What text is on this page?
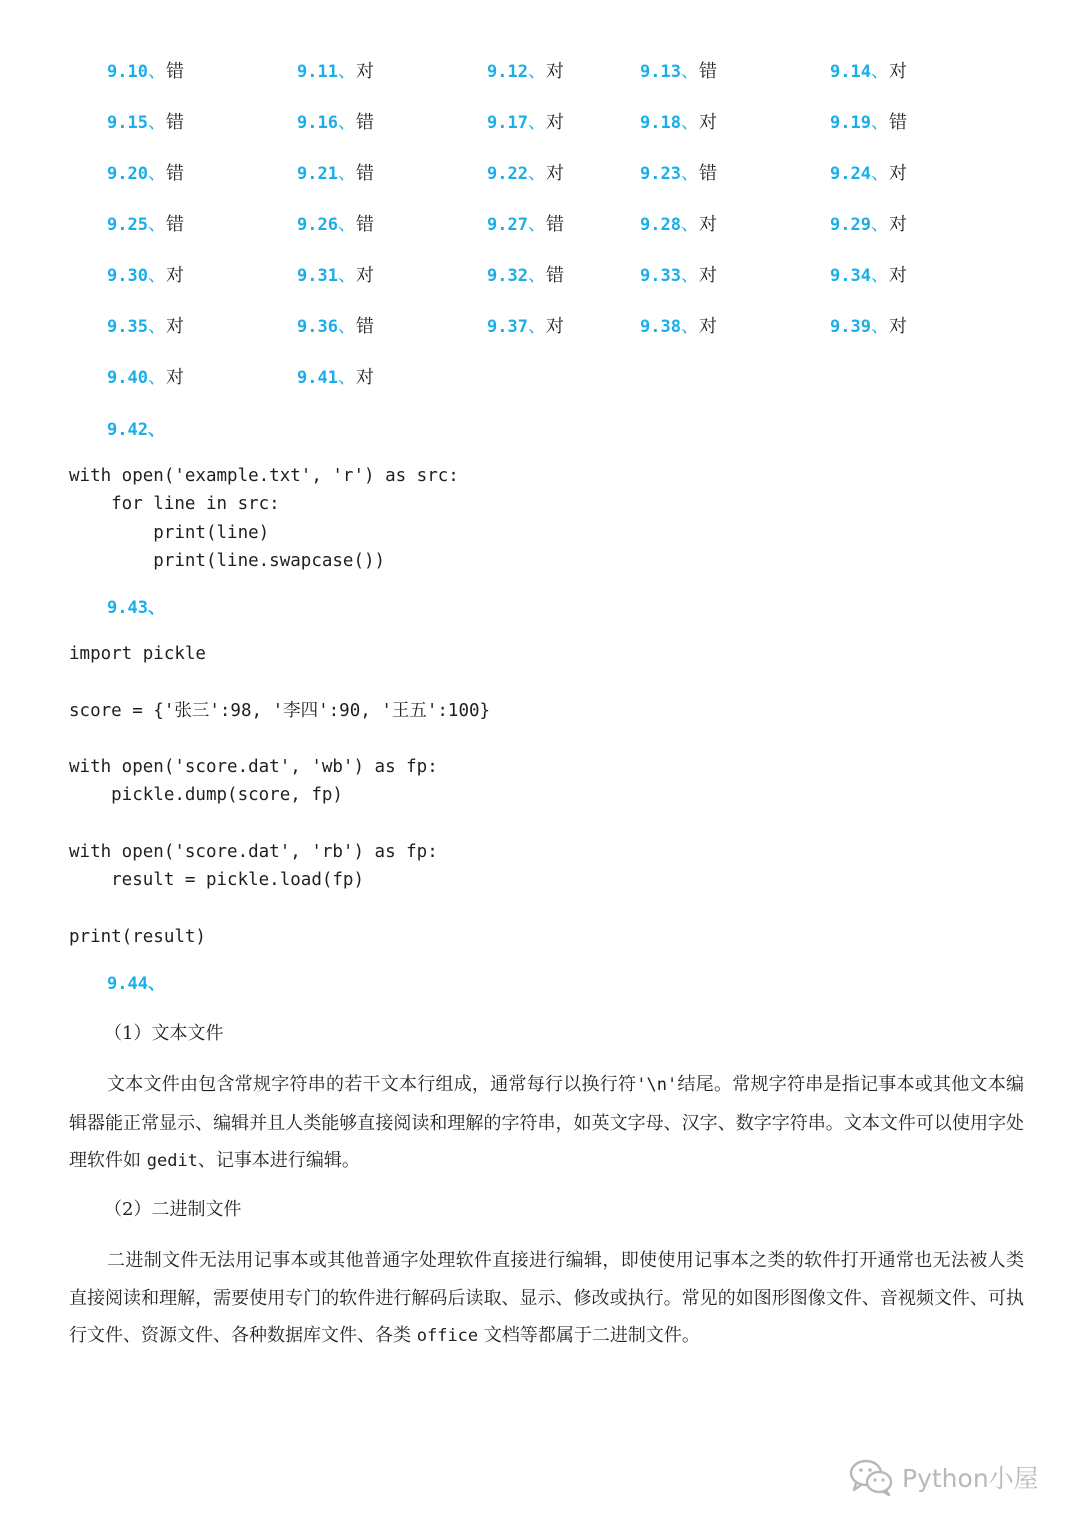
9.10、错	9.11、对	9.12、对	9.13、错	9.14、对
9.15、错	9.16、错	9.17、对	9.18、对	9.19、错
9.20、错	9.21、错	9.22、对	9.23、错	9.24、对
9.25、错	9.26、错	9.27、错	9.28、对	9.29、对
9.30、对	9.31、对	9.32、错	9.33、对	9.34、对
9.35、对	9.36、错	9.37、对	9.38、对	9.39、对
9.40、对	9.41、对
9.42、
with open('example.txt', 'r') as src:
for line in src:
print(line)
print(line.swapcase())
9.43、
import pickle
score = {'张三':98, '李四':90, '王五':100}
with open('score.dat', 'wb') as fp:
pickle.dump(score, fp)
with open('score.dat', 'rb') as fp:
result = pickle.load(fp)
print(result)
9.44、
（1）文本文件
文本文件由包含常规字符串的若干文本行组成，通常每行以换行符'\n'结尾。常规字符串是指记事本或其他文本编辑器能正常显示、编辑并且人类能够直接阅读和理解的字符串，如英文字母、汉字、数字字符串。文本文件可以使用字处理软件如 gedit、记事本进行编辑。
（2）二进制文件
二进制文件无法用记事本或其他普通字处理软件直接进行编辑，即使使用记事本之类的软件打开通常也无法被人类直接阅读和理解，需要使用专门的软件进行解码后读取、显示、修改或执行。常见的如图形图像文件、音视频文件、可执行文件、资源文件、各种数据库文件、各类 office 文档等都属于二进制文件。
Python小屋
